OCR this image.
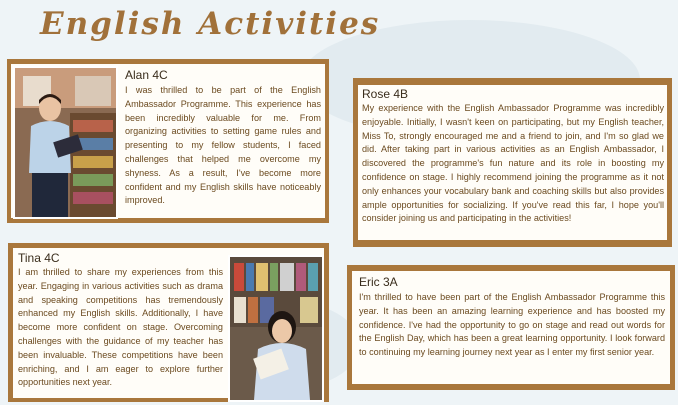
English Activities
Alan 4C

I was thrilled to be part of the English Ambassador Programme. This experience has been incredibly valuable for me. From organizing activities to setting game rules and presenting to my fellow students, I faced challenges that helped me overcome my shyness. As a result, I've become more confident and my English skills have noticeably improved.

Rose 4B

My experience with the English Ambassador Programme was incredibly enjoyable. Initially, I wasn't keen on participating, but my English teacher, Miss To, strongly encouraged me and a friend to join, and I'm so glad we did. After taking part in various activities as an English Ambassador, I discovered the programme's fun nature and its role in boosting my confidence on stage. I highly recommend joining the programme as it not only enhances your vocabulary bank and coaching skills but also provides ample opportunities for socializing. If you've read this far, I hope you'll consider joining us and participating in the activities!

Tina 4C

I am thrilled to share my experiences from this year. Engaging in various activities such as drama and speaking competitions has tremendously enhanced my English skills. Additionally, I have become more confident on stage. Overcoming challenges with the guidance of my teacher has been invaluable. These competitions have been enriching, and I am eager to explore further opportunities next year.

Eric 3A

I'm thrilled to have been part of the English Ambassador Programme this year. It has been an amazing learning experience and has boosted my confidence. I've had the opportunity to go on stage and read out words for the English Day, which has been a great learning opportunity. I look forward to continuing my learning journey next year as I enter my first senior year.
